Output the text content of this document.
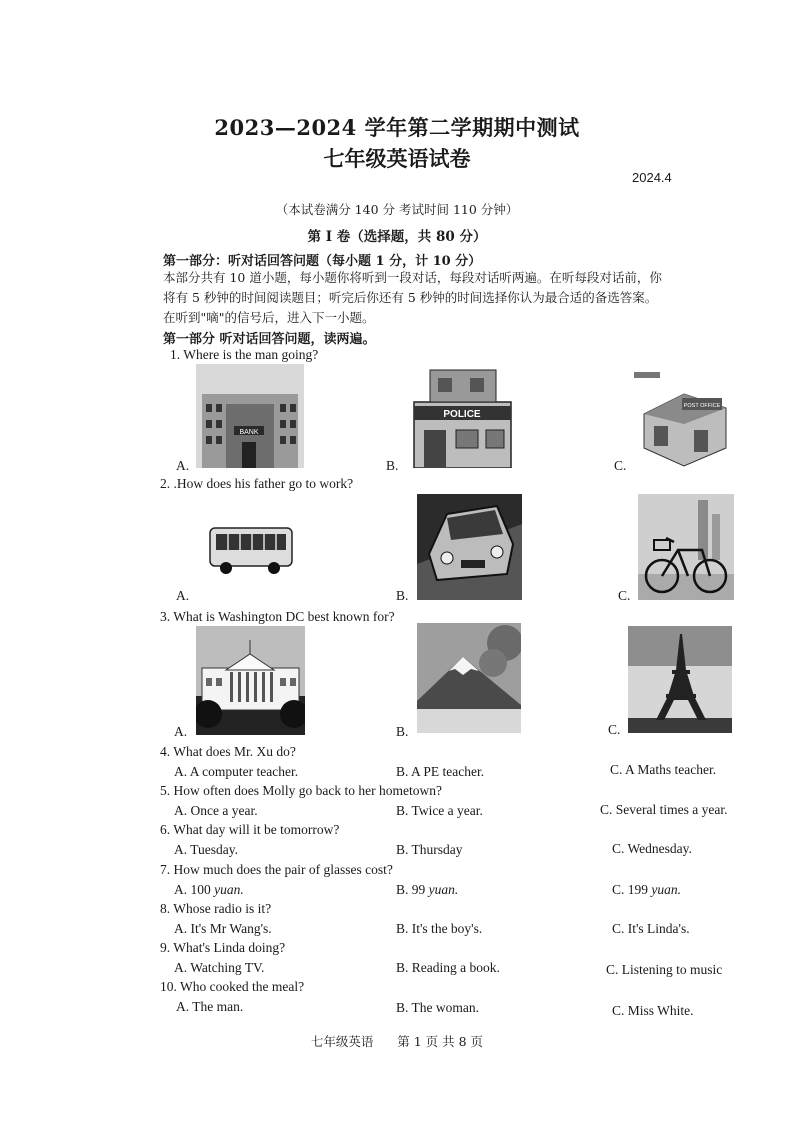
2023—2024 学年第二学期期中测试
七年级英语试卷
2024.4
（本试卷满分 140 分 考试时间 110 分钟）
第 I 卷（选择题，共 80 分）
第一部分：听对话回答问题（每小题 1 分，计 10 分）
本部分共有 10 道小题，每小题你将听到一段对话，每段对话听两遍。在听每段对话前，你
将有 5 秒钟的时间阅读题目；听完后你还有 5 秒钟的时间选择你认为最合适的备选答案。
在听到"嘀"的信号后，进入下一小题。
第一部分 听对话回答问题，读两遍。
1. Where is the man going?
A.	B.	C.
BANK
POLICE
POST OFFICE
2. .How does his father go to work?
A.	B.	C.
3. What is Washington DC best known for?
A.	B.	C.
4. What does Mr. Xu do?
A. A computer teacher.	B. A PE teacher.	C. A Maths teacher.
5. How often does Molly go back to her hometown?
A. Once a year.	B. Twice a year.	C. Several times a year.
6. What day will it be tomorrow?
A. Tuesday.	B. Thursday	C. Wednesday.
7. How much does the pair of glasses cost?
A. 100 yuan.	B. 99 yuan.	C. 199 yuan.
8. Whose radio is it?
A. It's Mr Wang's.	B. It's the boy's.	C. It's Linda's.
9. What's Linda doing?
A. Watching TV.	B. Reading a book.	C. Listening to music
10. Who cooked the meal?
A. The man.	B. The woman.	C. Miss White.
七年级英语 第 1 页 共 8 页
